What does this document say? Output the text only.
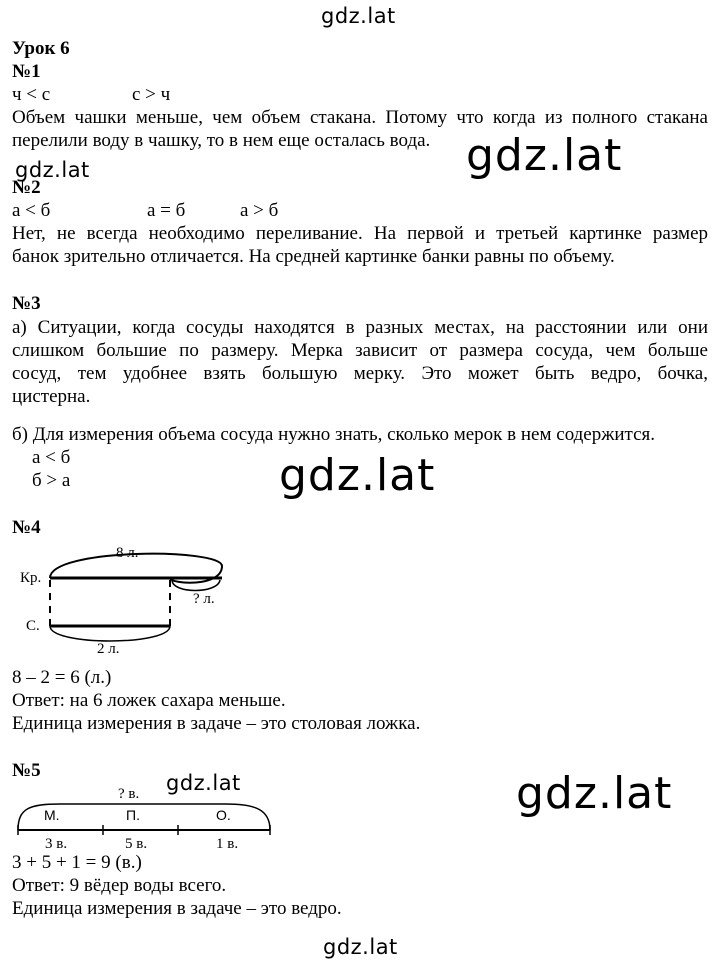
gdz.lat
gdz.lat
gdz.lat
gdz.lat
gdz.lat	gdz.lat
gdz.lat
Урок 6
№1
ч < с	с > ч
Объем чашки меньше, чем объем стакана. Потому что когда из полного стакана
перелили воду в чашку, то в нем еще осталась вода.
№2
а < б	а = б	а > б
Нет, не всегда необходимо переливание. На первой и третьей картинке размер
банок зрительно отличается. На средней картинке банки равны по объему.
№3
а) Ситуации, когда сосуды находятся в разных местах, на расстоянии или они
слишком большие по размеру. Мерка зависит от размера сосуда, чем больше
сосуд, тем удобнее взять большую мерку. Это может быть ведро, бочка,
цистерна.
б) Для измерения объема сосуда нужно знать, сколько мерок в нем содержится.
а < б
б > а
№4
8 л.
Кр.
? л.
С.
2 л.
8 – 2 = 6 (л.)
Ответ: на 6 ложек сахара меньше.
Единица измерения в задаче – это столовая ложка.
№5
? в.
М.	П.	О.
3 в.	5 в.	1 в.
3 + 5 + 1 = 9 (в.)
Ответ: 9 вёдер воды всего.
Единица измерения в задаче – это ведро.
